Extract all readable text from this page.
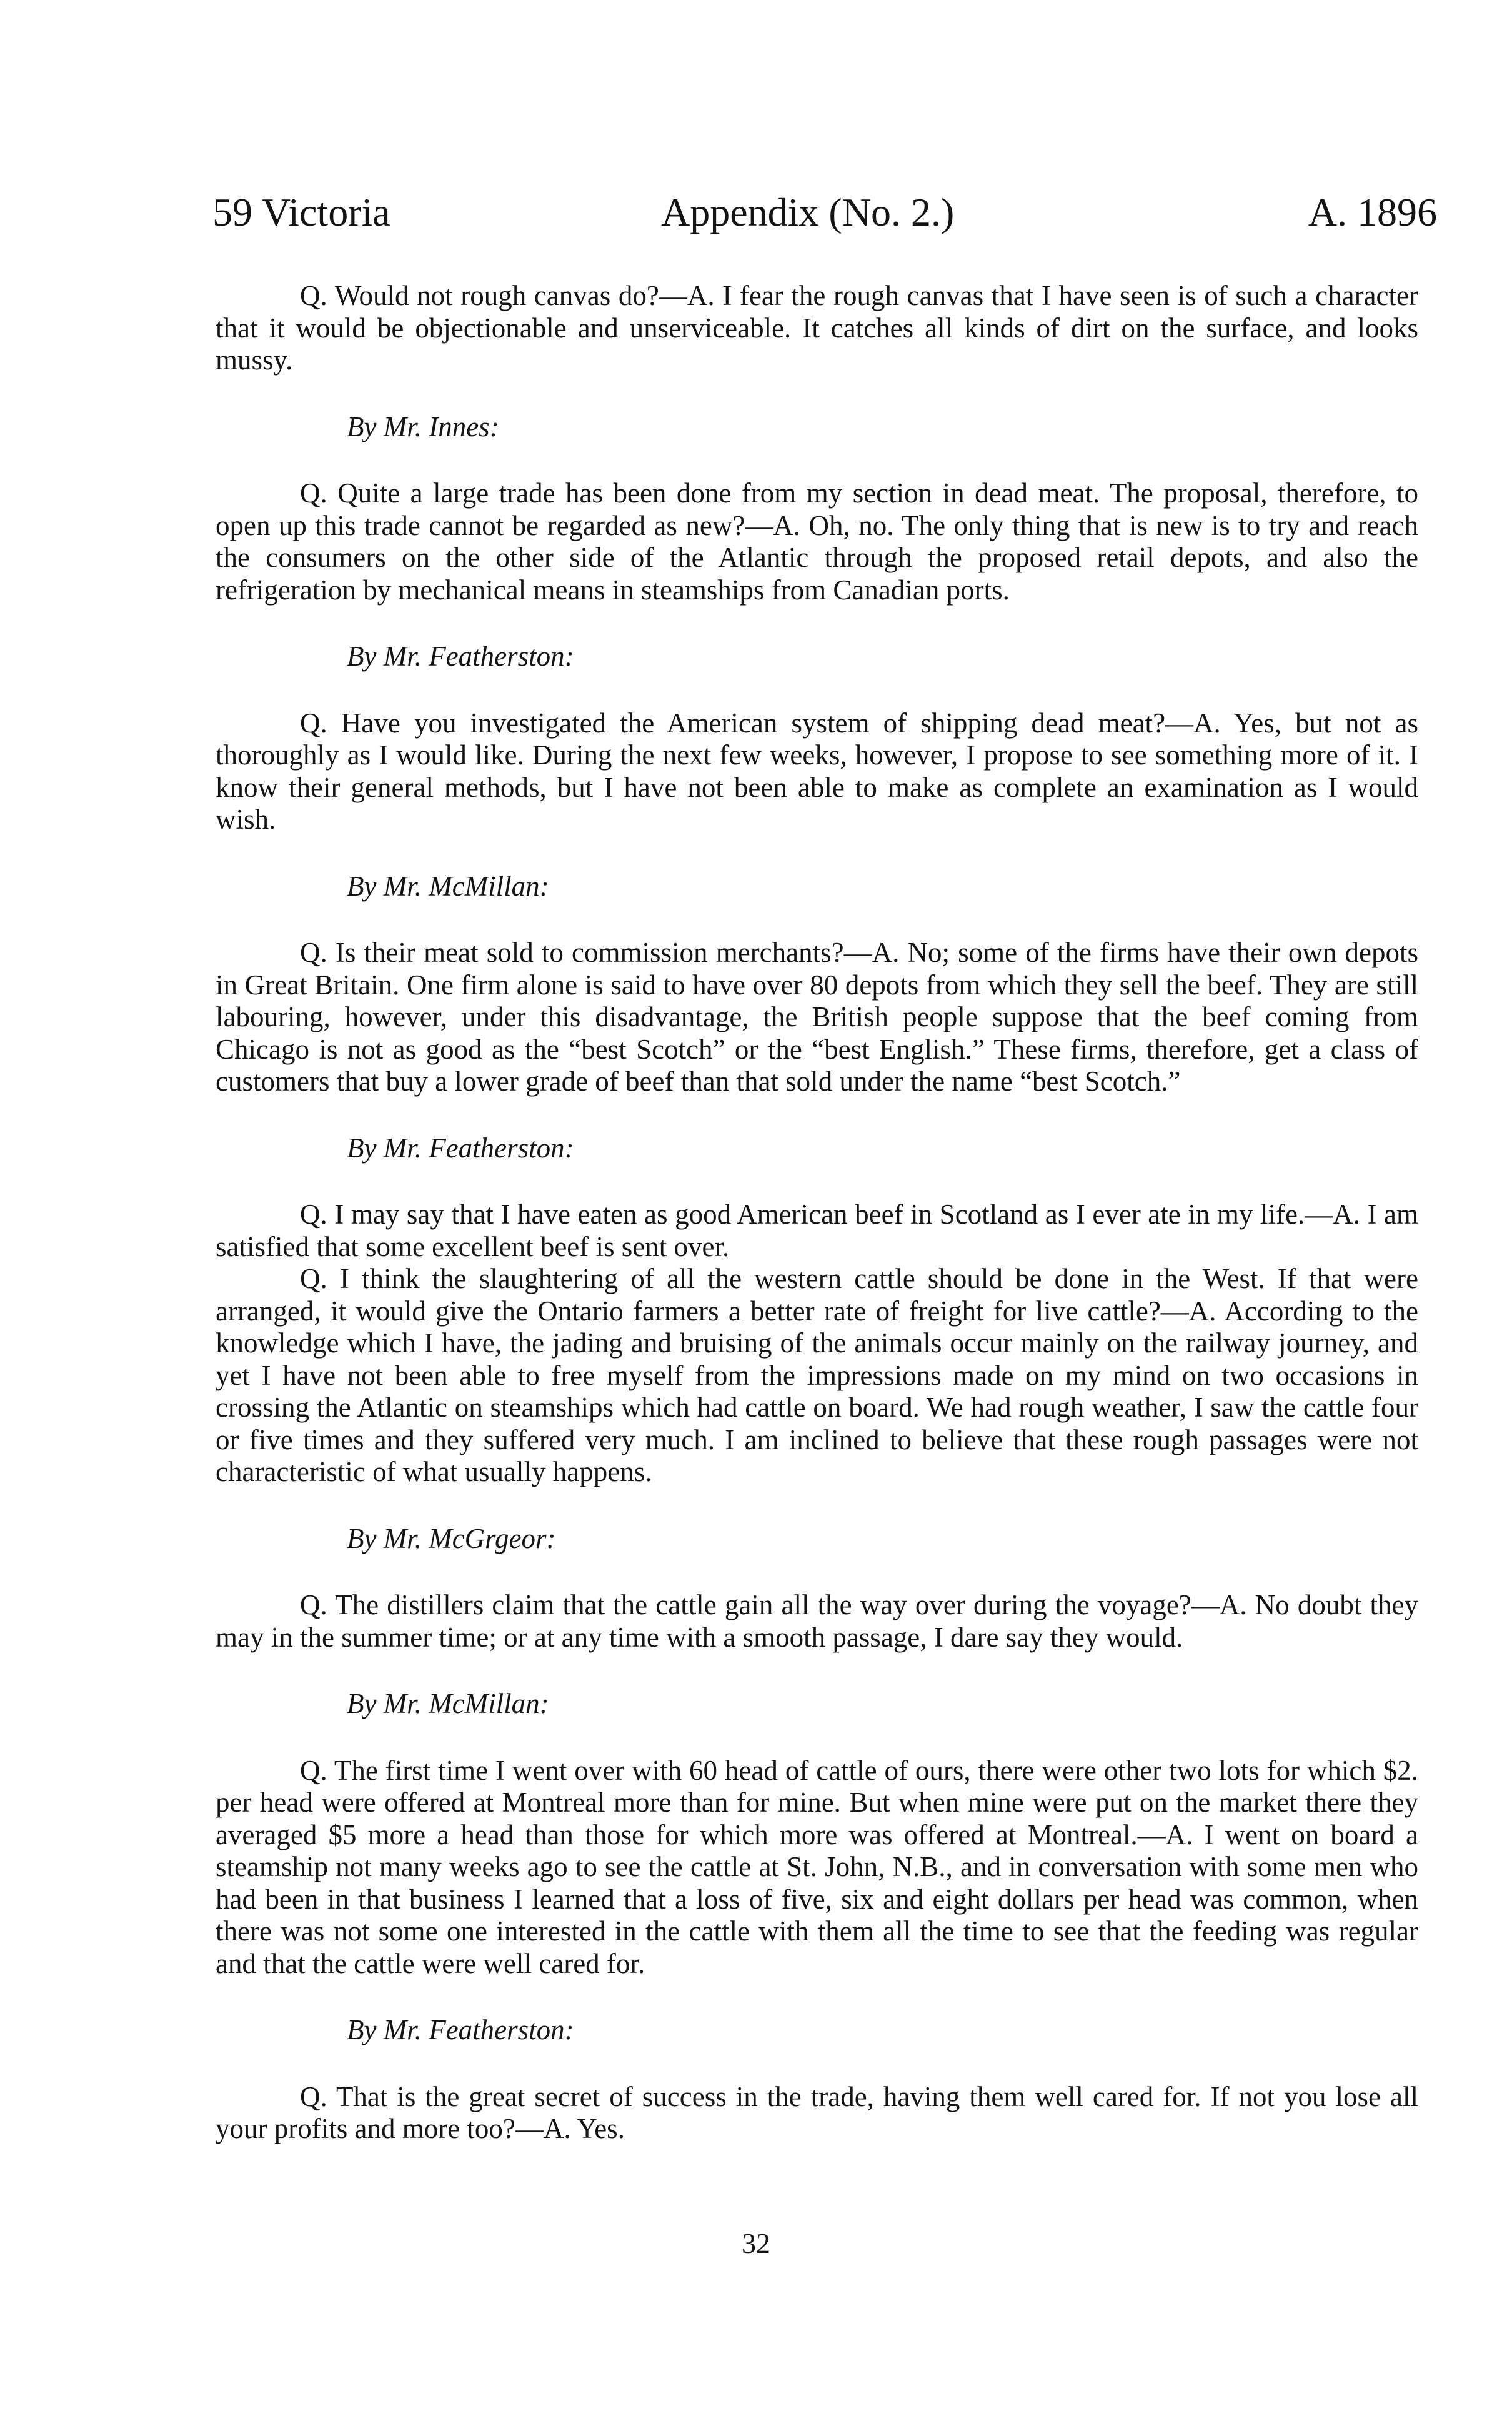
59 Victoria	Appendix (No. 2.)	A. 1896

Q. Would not rough canvas do?—A. I fear the rough canvas that I have seen is of such a character that it would be objectionable and unserviceable. It catches all kinds of dirt on the surface, and looks mussy.

By Mr. Innes:

Q. Quite a large trade has been done from my section in dead meat. The proposal, therefore, to open up this trade cannot be regarded as new?—A. Oh, no. The only thing that is new is to try and reach the consumers on the other side of the Atlantic through the proposed retail depots, and also the refrigeration by mechanical means in steamships from Canadian ports.

By Mr. Featherston:

Q. Have you investigated the American system of shipping dead meat?—A. Yes, but not as thoroughly as I would like. During the next few weeks, however, I propose to see something more of it. I know their general methods, but I have not been able to make as complete an examination as I would wish.

By Mr. McMillan:

Q. Is their meat sold to commission merchants?—A. No; some of the firms have their own depots in Great Britain. One firm alone is said to have over 80 depots from which they sell the beef. They are still labouring, however, under this disadvantage, the British people suppose that the beef coming from Chicago is not as good as the “best Scotch” or the “best English.” These firms, therefore, get a class of customers that buy a lower grade of beef than that sold under the name “best Scotch.”

By Mr. Featherston:

Q. I may say that I have eaten as good American beef in Scotland as I ever ate in my life.—A. I am satisfied that some excellent beef is sent over.

Q. I think the slaughtering of all the western cattle should be done in the West. If that were arranged, it would give the Ontario farmers a better rate of freight for live cattle?—A. According to the knowledge which I have, the jading and bruising of the animals occur mainly on the railway journey, and yet I have not been able to free myself from the impressions made on my mind on two occasions in crossing the Atlantic on steamships which had cattle on board. We had rough weather, I saw the cattle four or five times and they suffered very much. I am inclined to believe that these rough passages were not characteristic of what usually happens.

By Mr. McGrgeor:

Q. The distillers claim that the cattle gain all the way over during the voyage?—A. No doubt they may in the summer time; or at any time with a smooth passage, I dare say they would.

By Mr. McMillan:

Q. The first time I went over with 60 head of cattle of ours, there were other two lots for which $2. per head were offered at Montreal more than for mine. But when mine were put on the market there they averaged $5 more a head than those for which more was offered at Montreal.—A. I went on board a steamship not many weeks ago to see the cattle at St. John, N.B., and in conversation with some men who had been in that business I learned that a loss of five, six and eight dollars per head was common, when there was not some one interested in the cattle with them all the time to see that the feeding was regular and that the cattle were well cared for.

By Mr. Featherston:

Q. That is the great secret of success in the trade, having them well cared for. If not you lose all your profits and more too?—A. Yes.

32
